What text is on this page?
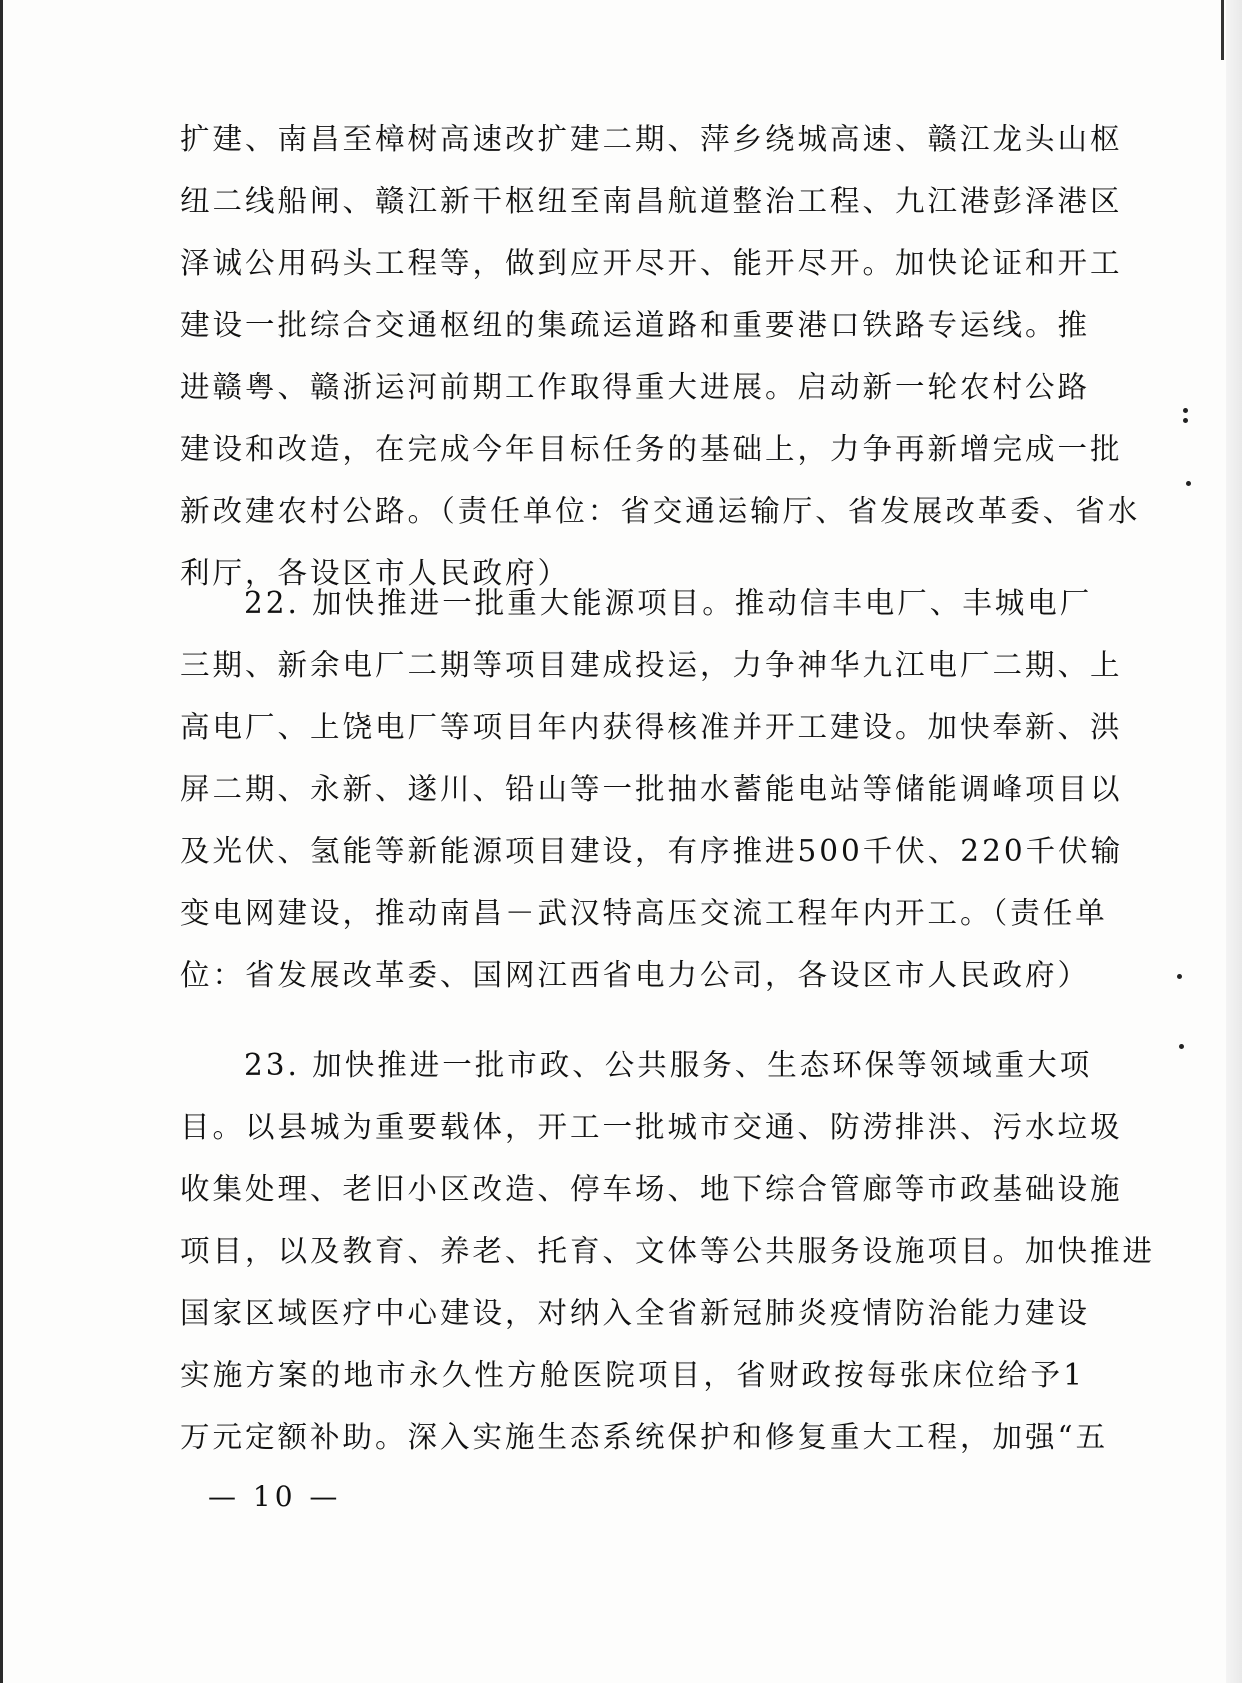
扩建、南昌至樟树高速改扩建二期、萍乡绕城高速、赣江龙头山枢
纽二线船闸、赣江新干枢纽至南昌航道整治工程、九江港彭泽港区
泽诚公用码头工程等，做到应开尽开、能开尽开。加快论证和开工
建设一批综合交通枢纽的集疏运道路和重要港口铁路专运线。推
进赣粤、赣浙运河前期工作取得重大进展。启动新一轮农村公路
建设和改造，在完成今年目标任务的基础上，力争再新增完成一批
新改建农村公路。（责任单位：省交通运输厅、省发展改革委、省水
利厅，各设区市人民政府）
22. 加快推进一批重大能源项目。推动信丰电厂、丰城电厂
三期、新余电厂二期等项目建成投运，力争神华九江电厂二期、上
高电厂、上饶电厂等项目年内获得核准并开工建设。加快奉新、洪
屏二期、永新、遂川、铅山等一批抽水蓄能电站等储能调峰项目以
及光伏、氢能等新能源项目建设，有序推进500千伏、220千伏输
变电网建设，推动南昌－武汉特高压交流工程年内开工。（责任单
位：省发展改革委、国网江西省电力公司，各设区市人民政府）
23. 加快推进一批市政、公共服务、生态环保等领域重大项
目。以县城为重要载体，开工一批城市交通、防涝排洪、污水垃圾
收集处理、老旧小区改造、停车场、地下综合管廊等市政基础设施
项目，以及教育、养老、托育、文体等公共服务设施项目。加快推进
国家区域医疗中心建设，对纳入全省新冠肺炎疫情防治能力建设
实施方案的地市永久性方舱医院项目，省财政按每张床位给予1
万元定额补助。深入实施生态系统保护和修复重大工程，加强“五
— 10 —
